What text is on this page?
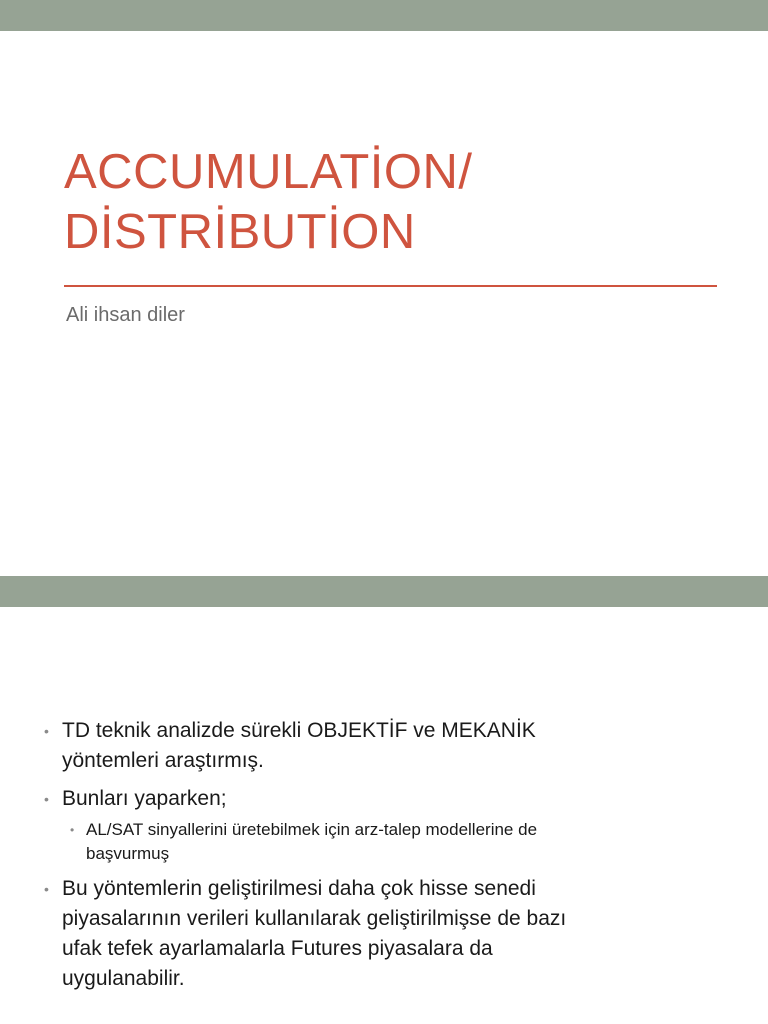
ACCUMULATİON/
DİSTRİBUTİON
Ali ihsan diler
• TD teknik analizde sürekli OBJEKTİF ve MEKANİK
yöntemleri araştırmış.
• Bunları yaparken;
• AL/SAT sinyallerini üretebilmek için arz-talep modellerine de
başvurmuş
• Bu yöntemlerin geliştirilmesi daha çok hisse senedi
piyasalarının verileri kullanılarak geliştirilmişse de bazı
ufak tefek ayarlamalarla Futures piyasalara da
uygulanabilir.
